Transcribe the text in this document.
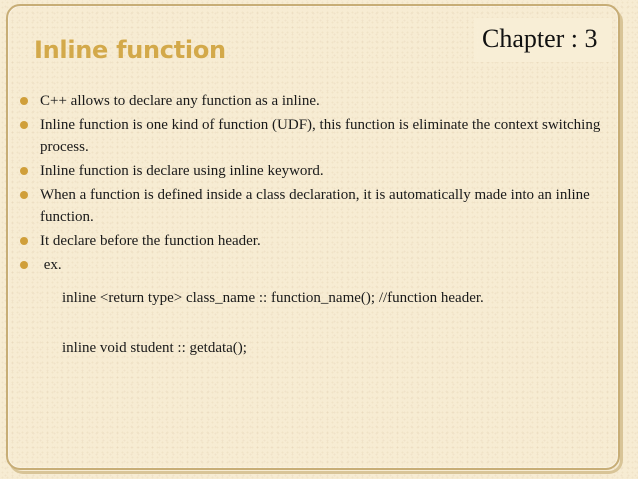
Chapter : 3
Inline function
C++ allows to declare any function as a inline.
Inline function is one kind of function (UDF), this function is eliminate the context switching process.
Inline function is declare using inline keyword.
When a function is defined inside a class declaration, it is automatically made into an inline function.
It declare before the function header.
ex.
inline <return type> class_name :: function_name(); //function header.
inline void student :: getdata();
